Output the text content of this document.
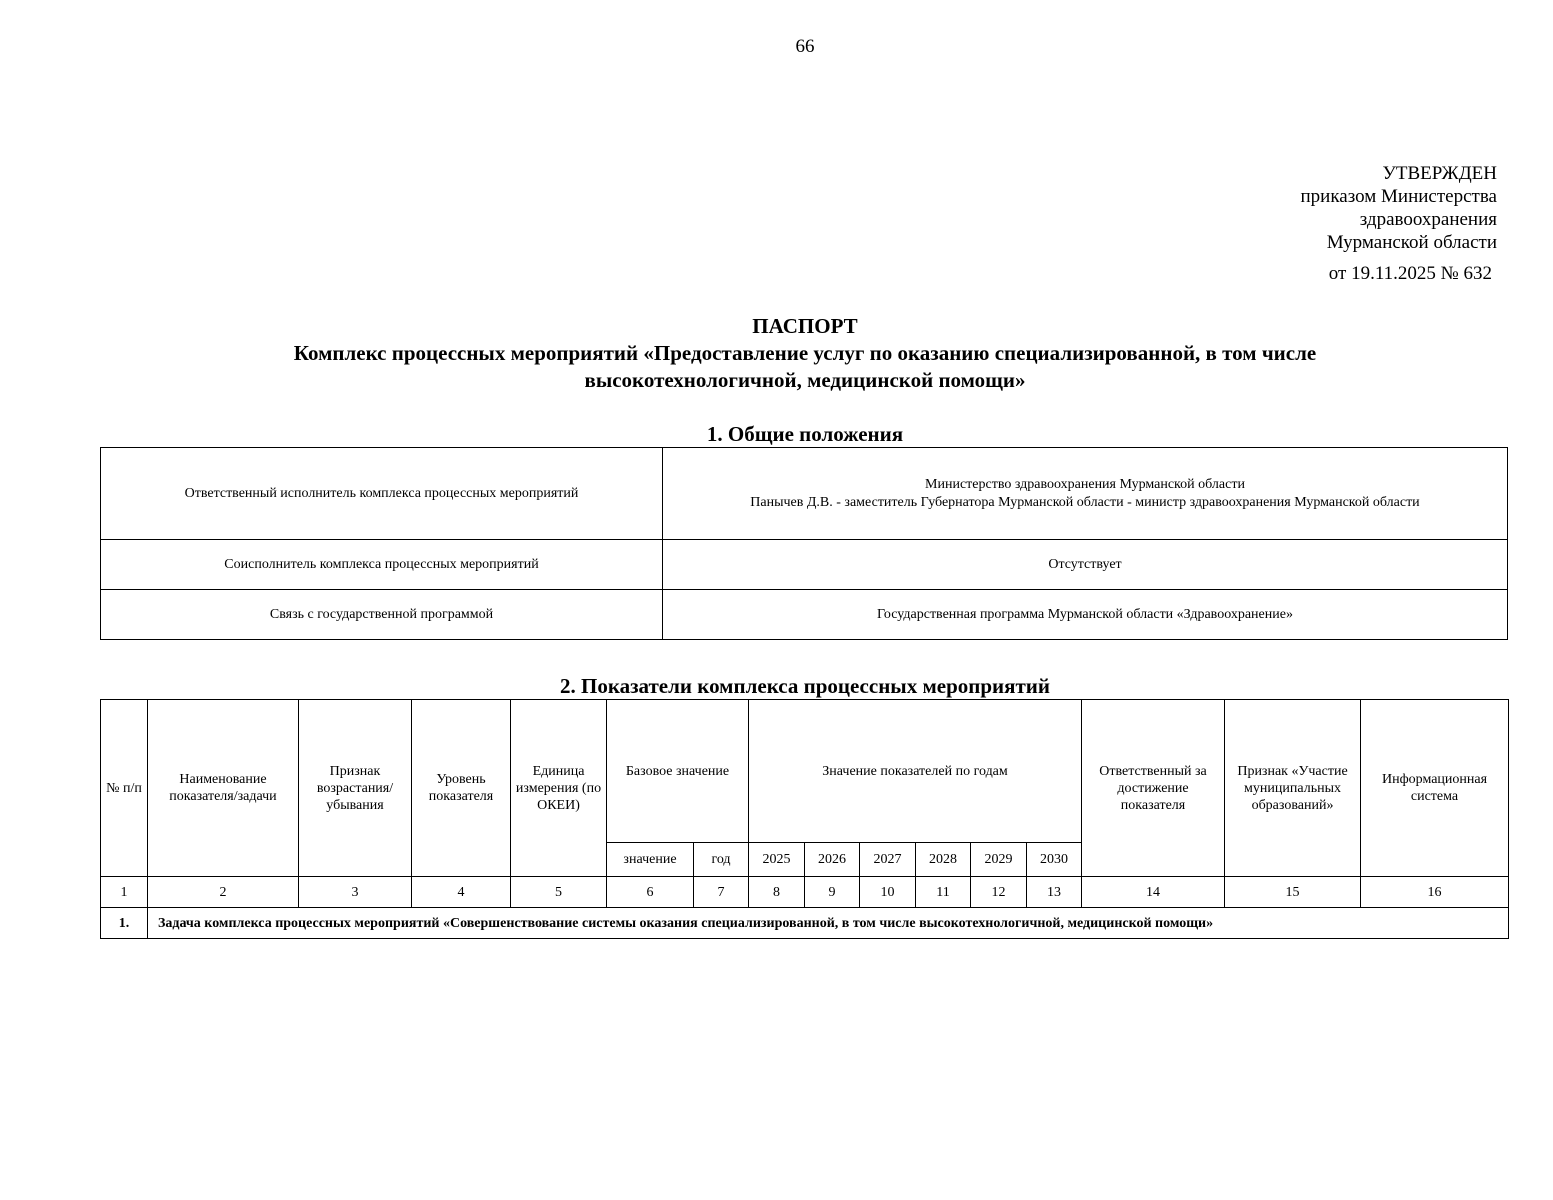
66
УТВЕРЖДЕН
приказом Министерства
здравоохранения
Мурманской области
от 19.11.2025 № 632
ПАСПОРТ
Комплекс процессных мероприятий «Предоставление услуг по оказанию специализированной, в том числе
высокотехнологичной, медицинской помощи»
1. Общие положения
Ответственный исполнитель комплекса процессных мероприятий	Министерство здравоохранения Мурманской области
Панычев Д.В. - заместитель Губернатора Мурманской области - министр здравоохранения Мурманской области

Соисполнитель комплекса процессных мероприятий	Отсутствует
Связь с государственной программой	Государственная программа Мурманской области «Здравоохранение»
2. Показатели комплекса процессных мероприятий
№ п/п	Наименование показателя/задачи	Признак возрастания/ убывания	Уровень показателя	Единица измерения (по ОКЕИ)	Базовое значение		Значение показателей по годам						Ответственный за достижение показателя	Признак «Участие муниципальных образований»	Информационная система
					значение	год	2025	2026	2027	2028	2029	2030			
1	2	3	4	5	6	7	8	9	10	11	12	13	14	15	16
1.	Задача комплекса процессных мероприятий «Совершенствование системы оказания специализированной, в том числе высокотехнологичной, медицинской помощи»														
